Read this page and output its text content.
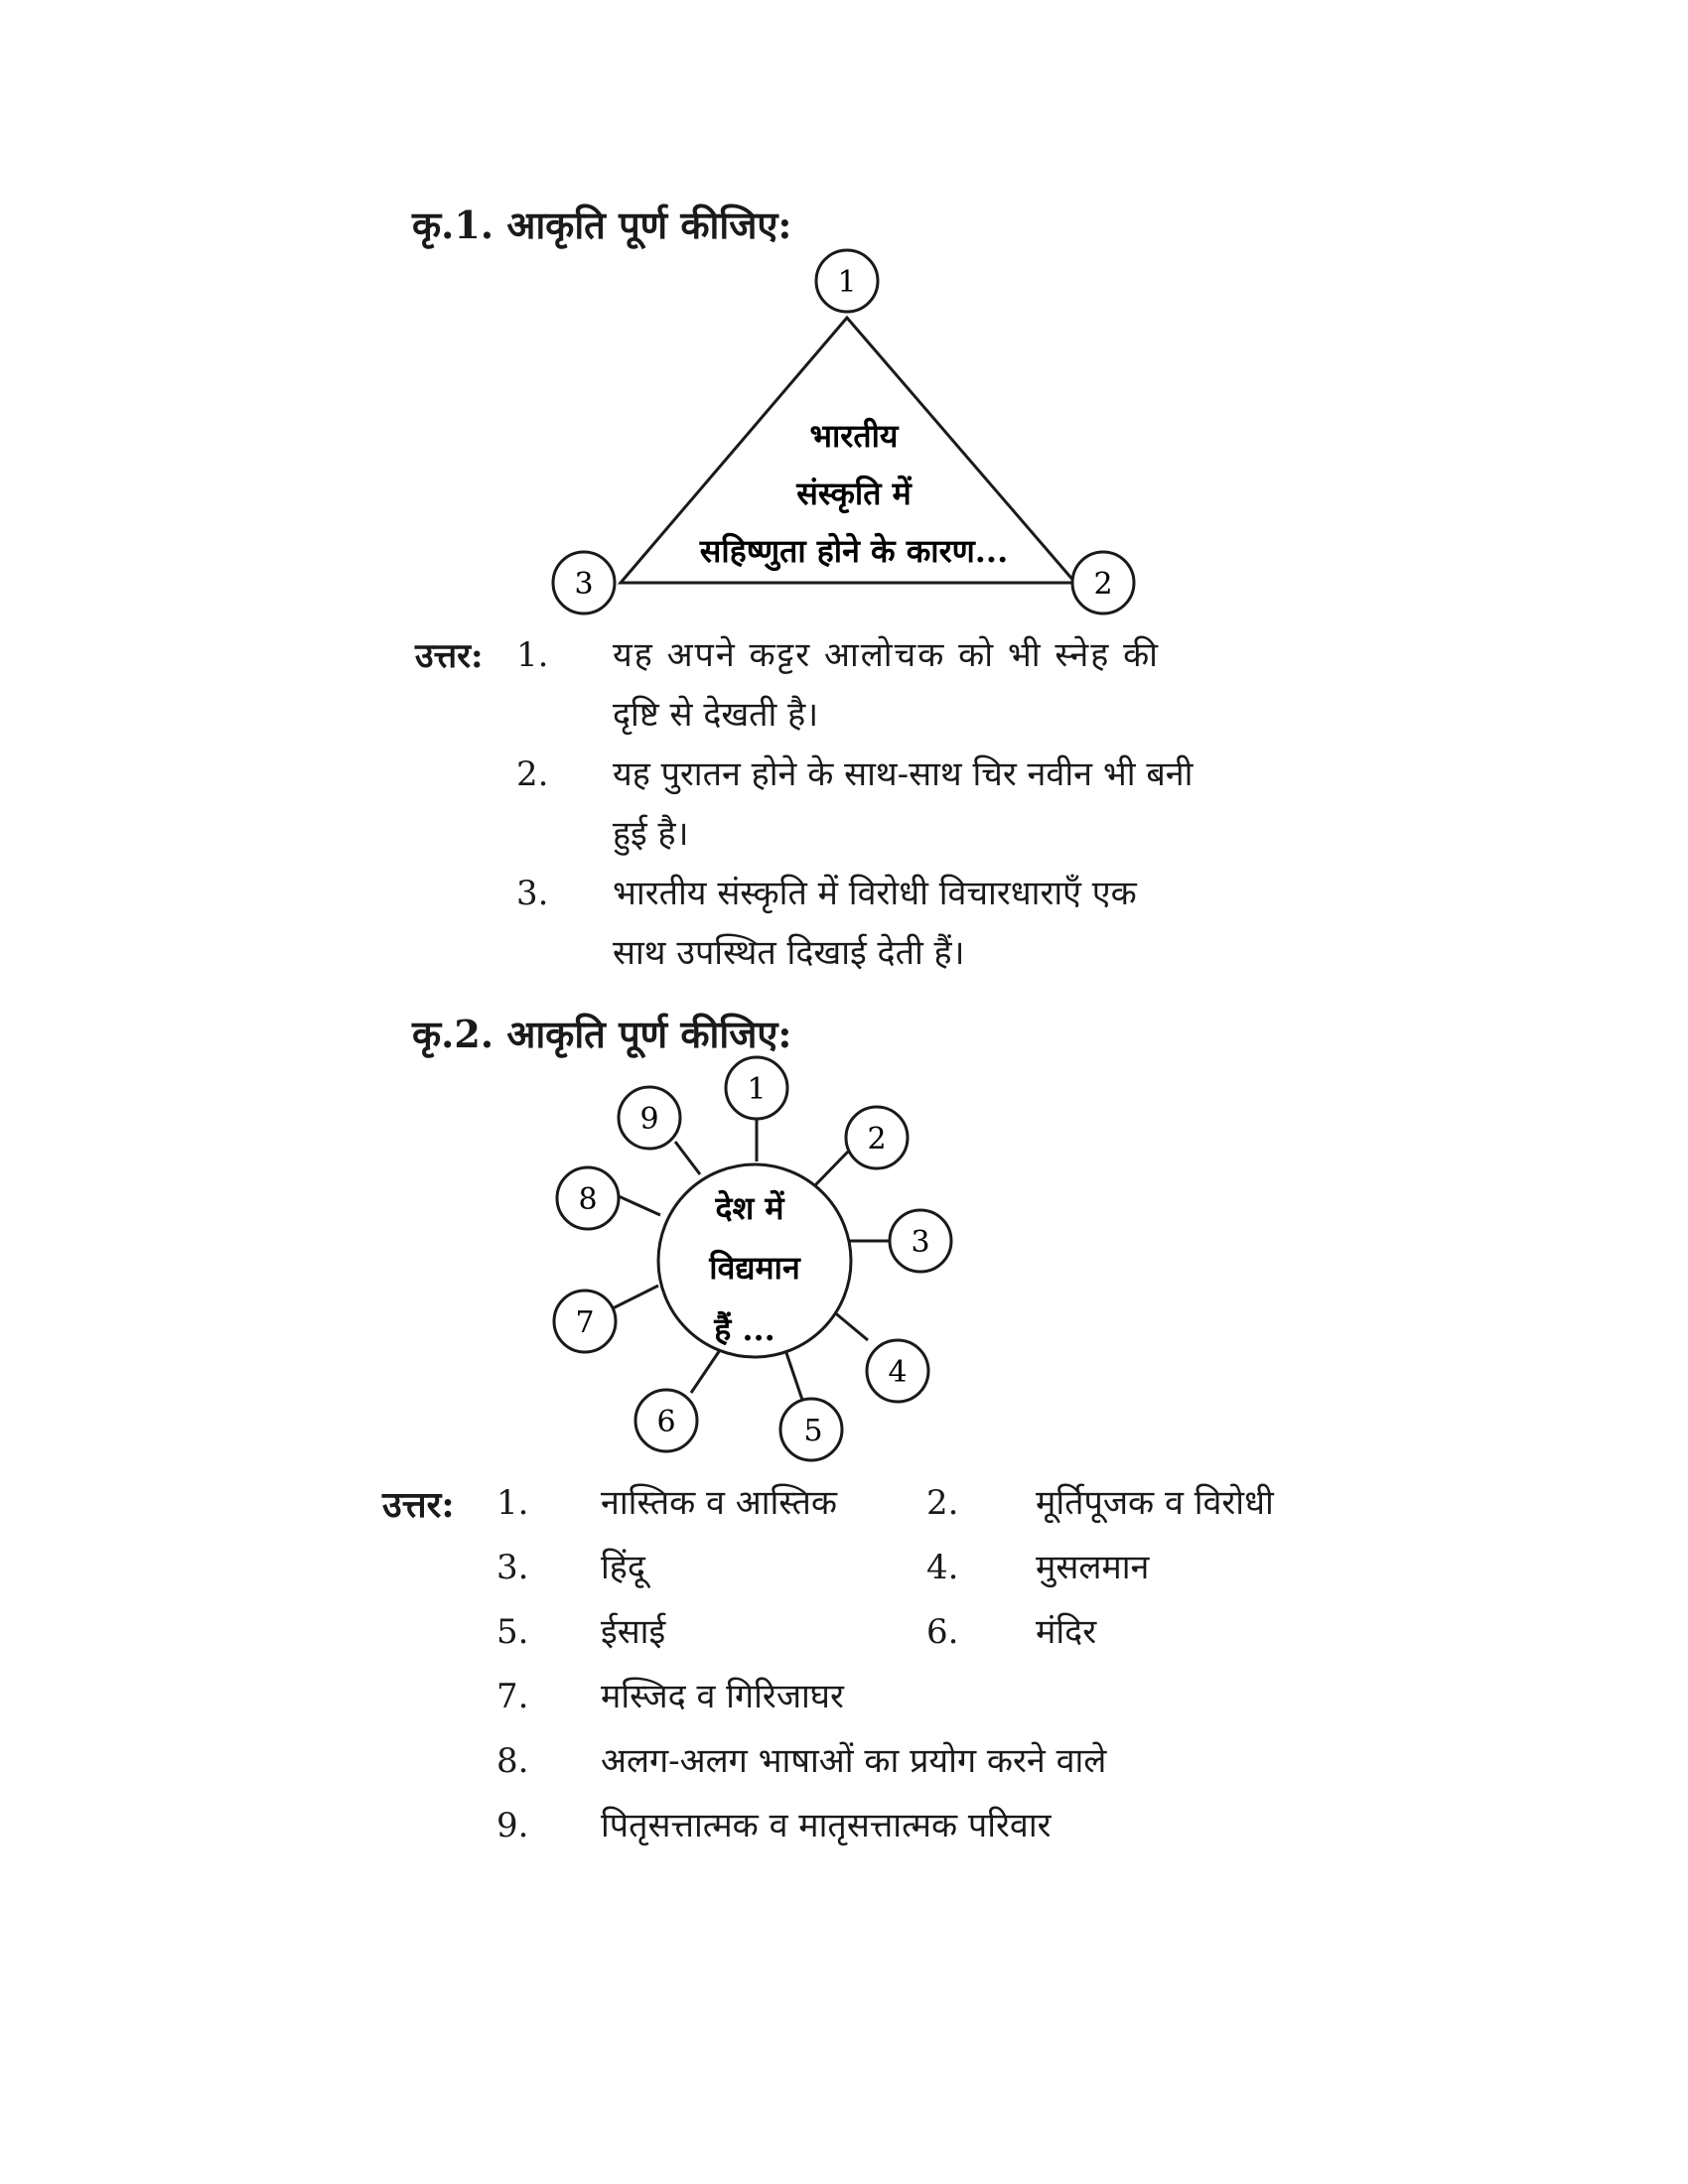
कृ.1. आकृति पूर्ण कीजिए:
1
2
3
भारतीय
संस्कृति में
सहिष्णुता होने के कारण...
देश में
विद्यमान
हैं ...
1
2
3
4
5
6
7
8
9
उत्तर: 1. यह अपने कट्टर आलोचक को भी स्नेह की
दृष्टि से देखती है।
2. यह पुरातन होने के साथ-साथ चिर नवीन भी बनी
हुई है।
3. भारतीय संस्कृति में विरोधी विचारधाराएँ एक
साथ उपस्थित दिखाई देती हैं।
कृ.2. आकृति पूर्ण कीजिए:
उत्तर: 1. नास्तिक व आस्तिक	2. मूर्तिपूजक व विरोधी
3. हिंदू	4. मुसलमान
5. ईसाई	6. मंदिर
7. मस्जिद व गिरिजाघर
8. अलग-अलग भाषाओं का प्रयोग करने वाले
9. पितृसत्तात्मक व मातृसत्तात्मक परिवार
